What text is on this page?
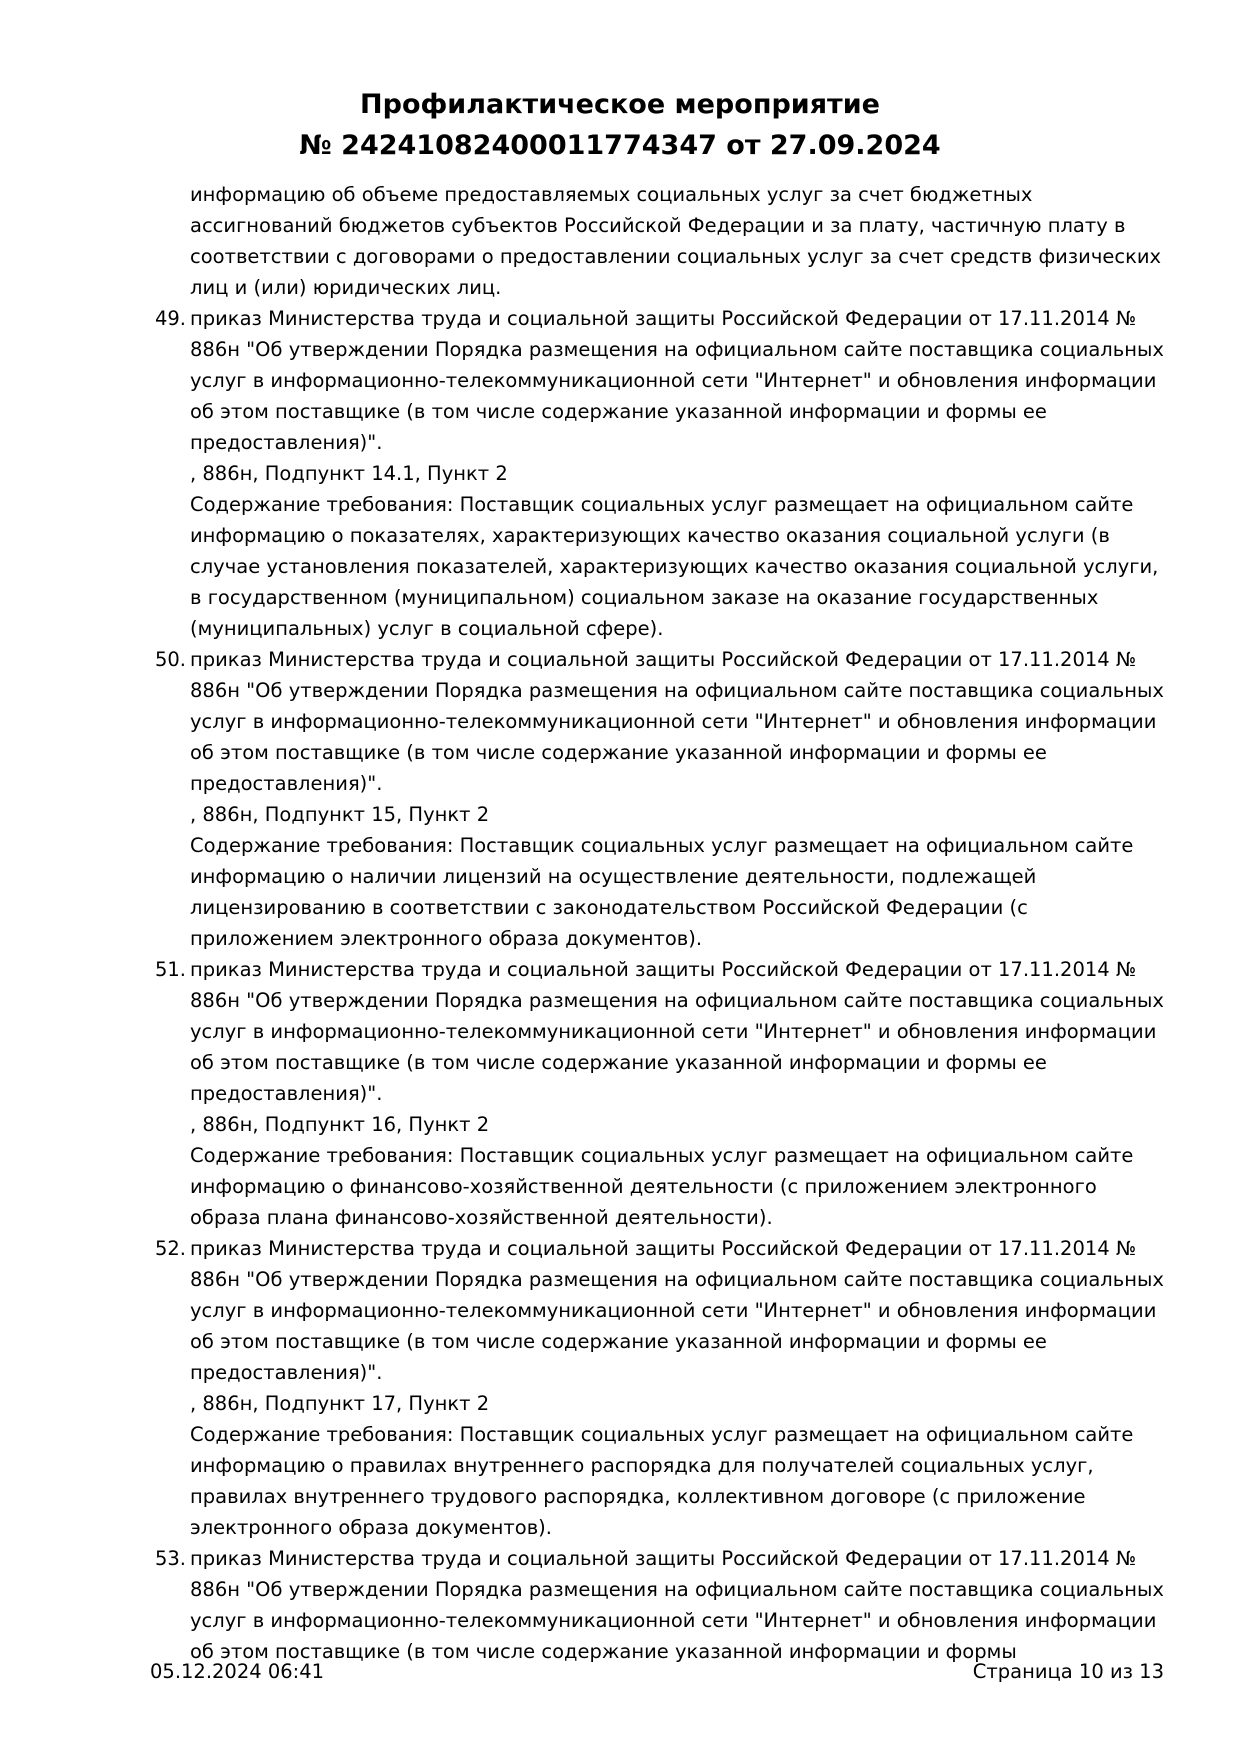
Профилактическое мероприятие
№ 24241082400011774347 от 27.09.2024

информацию об объеме предоставляемых социальных услуг за счет бюджетных ассигнований бюджетов субъектов Российской Федерации и за плату, частичную плату в соответствии с договорами о предоставлении социальных услуг за счет средств физических лиц и (или) юридических лиц.

49. приказ Министерства труда и социальной защиты Российской Федерации от 17.11.2014 № 886н "Об утверждении Порядка размещения на официальном сайте поставщика социальных услуг в информационно-телекоммуникационной сети "Интернет" и обновления информации об этом поставщике (в том числе содержание указанной информации и формы ее предоставления)".

, 886н, Подпункт 14.1, Пункт 2

Содержание требования: Поставщик социальных услуг размещает на официальном сайте информацию о показателях, характеризующих качество оказания социальной услуги (в случае установления показателей, характеризующих качество оказания социальной услуги, в государственном (муниципальном) социальном заказе на оказание государственных (муниципальных) услуг в социальной сфере).

50. приказ Министерства труда и социальной защиты Российской Федерации от 17.11.2014 № 886н "Об утверждении Порядка размещения на официальном сайте поставщика социальных услуг в информационно-телекоммуникационной сети "Интернет" и обновления информации об этом поставщике (в том числе содержание указанной информации и формы ее предоставления)".

, 886н, Подпункт 15, Пункт 2

Содержание требования: Поставщик социальных услуг размещает на официальном сайте информацию о наличии лицензий на осуществление деятельности, подлежащей лицензированию в соответствии с законодательством Российской Федерации (с приложением электронного образа документов).

51. приказ Министерства труда и социальной защиты Российской Федерации от 17.11.2014 № 886н "Об утверждении Порядка размещения на официальном сайте поставщика социальных услуг в информационно-телекоммуникационной сети "Интернет" и обновления информации об этом поставщике (в том числе содержание указанной информации и формы ее предоставления)".

, 886н, Подпункт 16, Пункт 2

Содержание требования: Поставщик социальных услуг размещает на официальном сайте информацию о финансово-хозяйственной деятельности (с приложением электронного образа плана финансово-хозяйственной деятельности).

52. приказ Министерства труда и социальной защиты Российской Федерации от 17.11.2014 № 886н "Об утверждении Порядка размещения на официальном сайте поставщика социальных услуг в информационно-телекоммуникационной сети "Интернет" и обновления информации об этом поставщике (в том числе содержание указанной информации и формы ее предоставления)".

, 886н, Подпункт 17, Пункт 2

Содержание требования: Поставщик социальных услуг размещает на официальном сайте информацию о правилах внутреннего распорядка для получателей социальных услуг, правилах внутреннего трудового распорядка, коллективном договоре (с приложение электронного образа документов).

53. приказ Министерства труда и социальной защиты Российской Федерации от 17.11.2014 № 886н "Об утверждении Порядка размещения на официальном сайте поставщика социальных услуг в информационно-телекоммуникационной сети "Интернет" и обновления информации об этом поставщике (в том числе содержание указанной информации и формы

05.12.2024 06:41	Страница 10 из 13
